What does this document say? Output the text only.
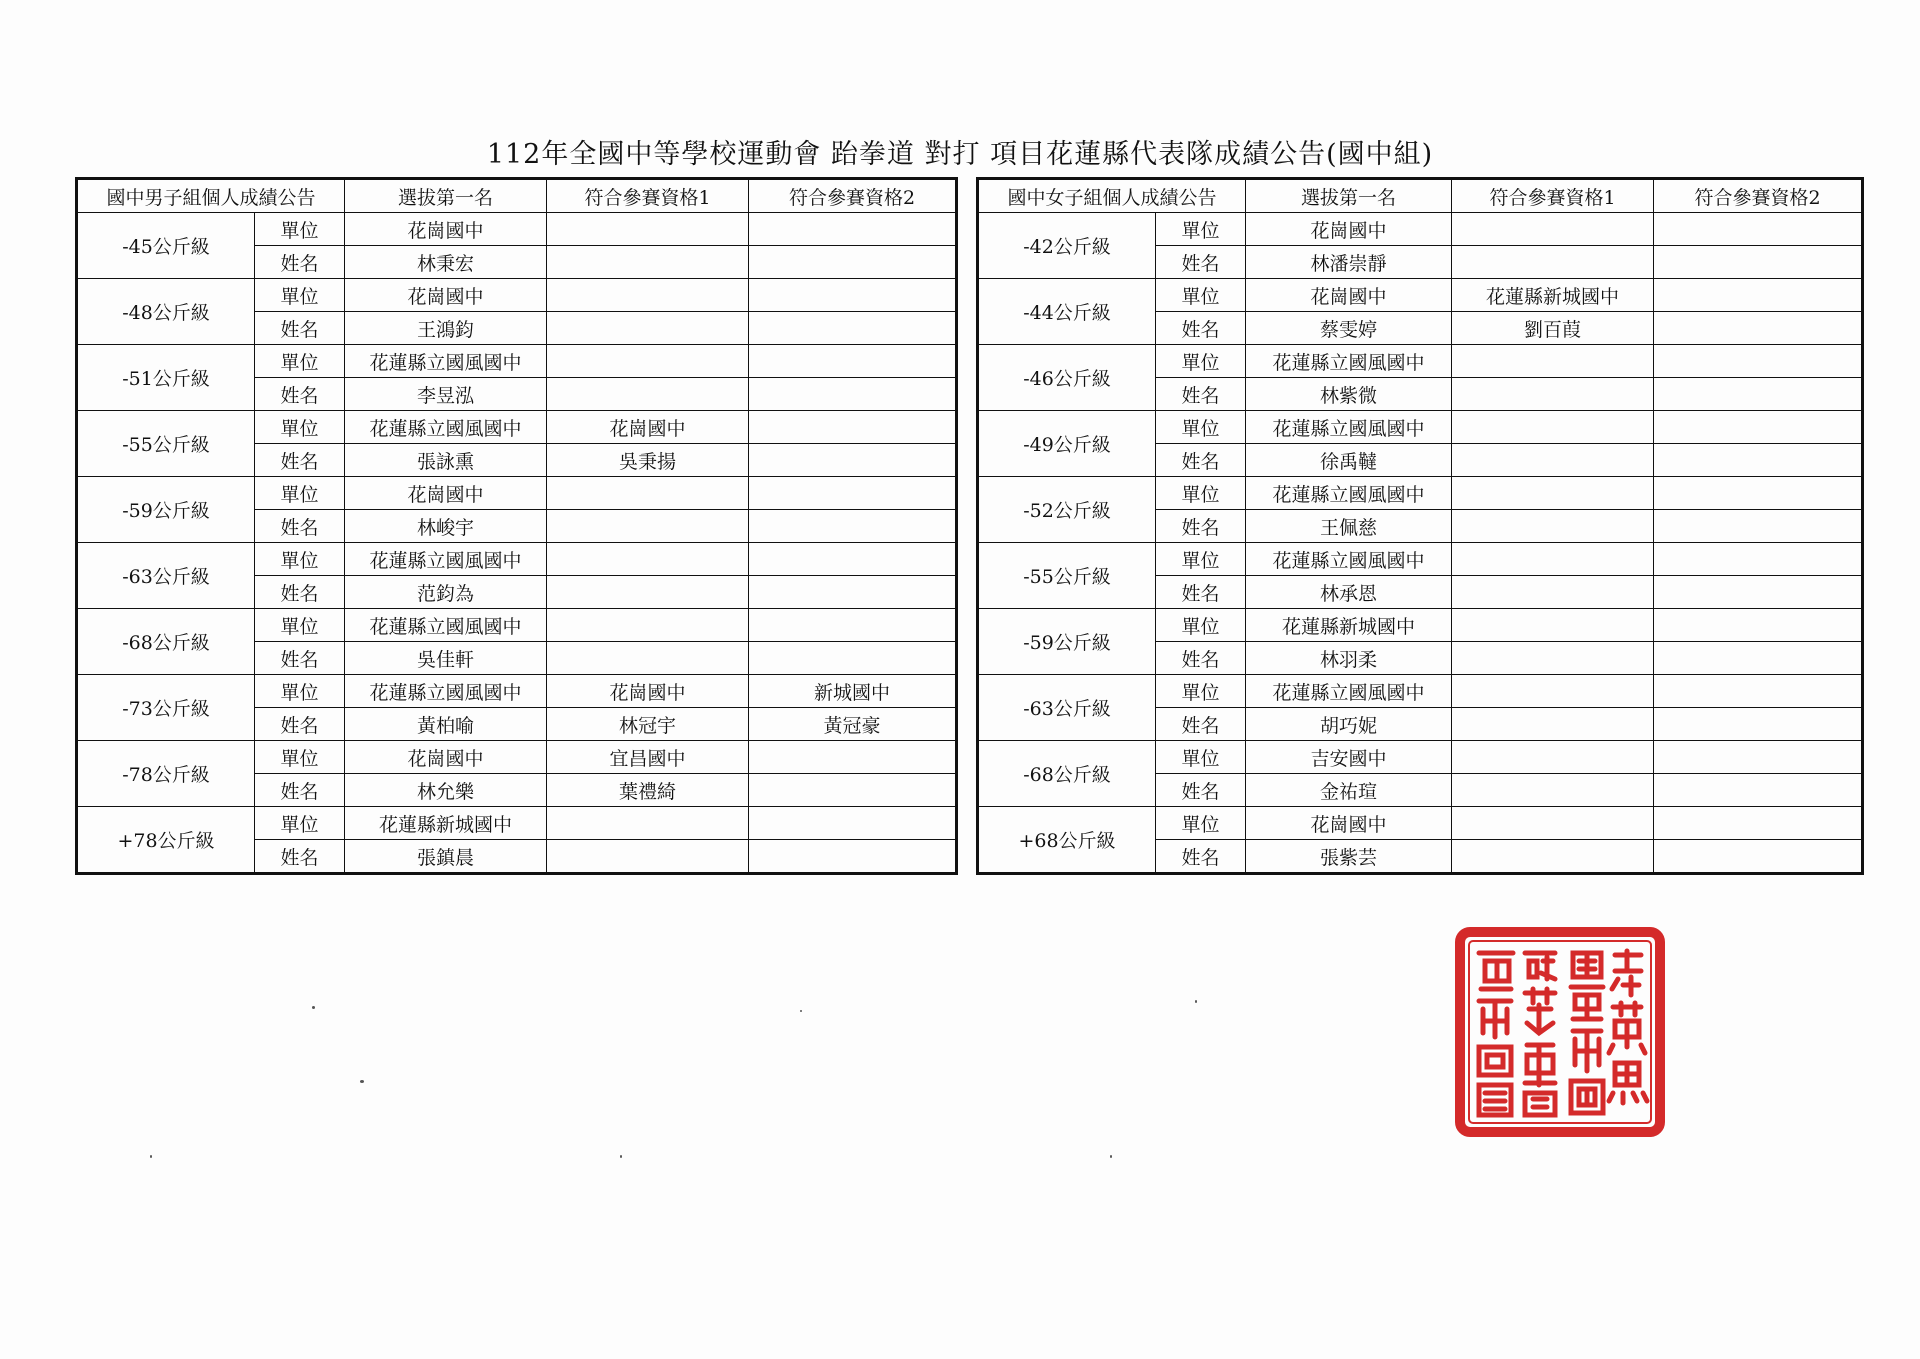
112年全國中等學校運動會 跆拳道 對打 項目花蓮縣代表隊成績公告(國中組)
國中男子組個人成績公告		選拔第一名	符合參賽資格1	符合參賽資格2
-45公斤級	單位	花崗國中		
	姓名	林秉宏		
-48公斤級	單位	花崗國中		
	姓名	王鴻鈞		
-51公斤級	單位	花蓮縣立國風國中		
	姓名	李昱泓		
-55公斤級	單位	花蓮縣立國風國中	花崗國中	
	姓名	張詠熏	吳秉揚	
-59公斤級	單位	花崗國中		
	姓名	林峻宇		
-63公斤級	單位	花蓮縣立國風國中		
	姓名	范鈞為		
-68公斤級	單位	花蓮縣立國風國中		
	姓名	吳佳軒		
-73公斤級	單位	花蓮縣立國風國中	花崗國中	新城國中
	姓名	黃柏喻	林冠宇	黃冠豪
-78公斤級	單位	花崗國中	宜昌國中	
	姓名	林允樂	葉禮綺	
+78公斤級	單位	花蓮縣新城國中		
	姓名	張鎮晨		
國中女子組個人成績公告		選拔第一名	符合參賽資格1	符合參賽資格2
-42公斤級	單位	花崗國中		
	姓名	林潘崇靜		
-44公斤級	單位	花崗國中	花蓮縣新城國中	
	姓名	蔡雯婷	劉百葭	
-46公斤級	單位	花蓮縣立國風國中		
	姓名	林紫微		
-49公斤級	單位	花蓮縣立國風國中		
	姓名	徐禹韃		
-52公斤級	單位	花蓮縣立國風國中		
	姓名	王佩慈		
-55公斤級	單位	花蓮縣立國風國中		
	姓名	林承恩		
-59公斤級	單位	花蓮縣新城國中		
	姓名	林羽柔		
-63公斤級	單位	花蓮縣立國風國中		
	姓名	胡巧妮		
-68公斤級	單位	吉安國中		
	姓名	金祐瑄		
+68公斤級	單位	花崗國中		
	姓名	張紫芸		
